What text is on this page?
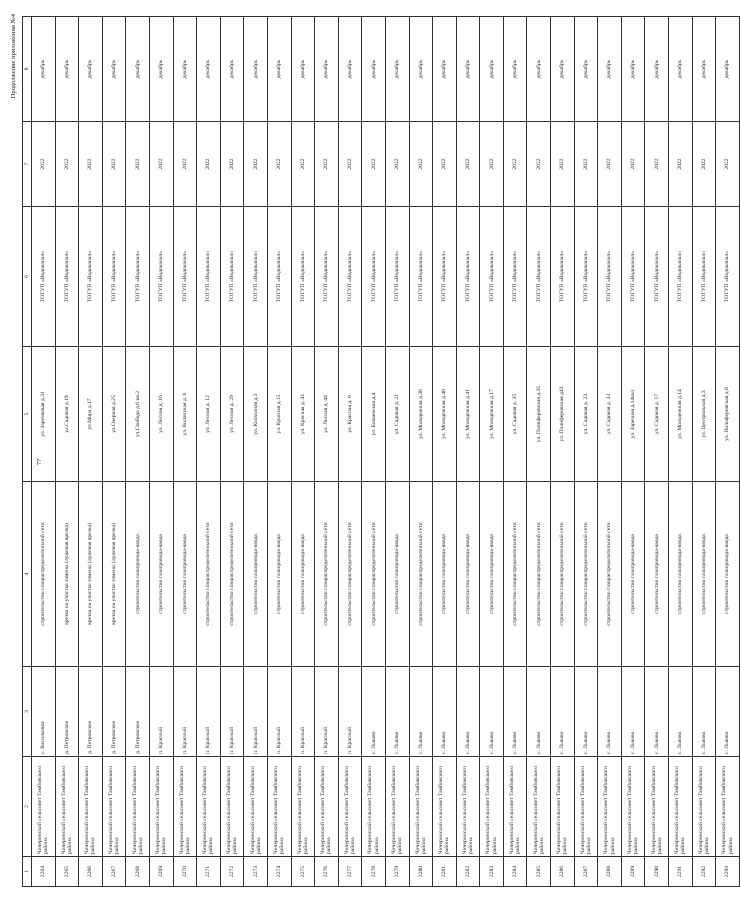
Продолжение приложения №4
77
1	2	3	4	5	6	7	8
2264	Чичеринский сельсовет Тамбовского района	с. Васильевка	строительство газораспределительной сети	ул. Заречковая д.31	ТОГУП «Водоканал»	2022	декабрь
2265	Чичеринский сельсовет Тамбовского района	д. Петровское	врезка на участке замены (лужевая врезка)	ул.Садовая д.19	ТОГУП «Водоканал»	2022	декабрь
2266	Чичеринский сельсовет Тамбовского района	д. Петровское	врезка на участке замены (лужевая врезка)	ул.Мира д.17	ТОГУП «Водоканал»	2022	декабрь
2267	Чичеринский сельсовет Тамбовского района	д. Петровское	врезка на участке замены (лужевая врезка)	ул.Озерная д.25	ТОГУП «Водоканал»	2022	декабрь
2268	Чичеринский сельсовет Тамбовского района	д. Петровское	строительство газопровода-ввода	ул.Свобода д.6 кв.2	ТОГУП «Водоканал»	2022	декабрь
2269	Чичеринский сельсовет Тамбовского района	п. Красный	строительство газопровода-ввода	ул. Лесная д. 16	ТОГУП «Водоканал»	2022	декабрь
2270	Чичеринский сельсовет Тамбовского района	п. Красный	строительство газопровода-ввода	ул. Колхозная д. 6	ТОГУП «Водоканал»	2022	декабрь
2271	Чичеринский сельсовет Тамбовского района	п. Красный	строительство газораспределительной сети	ул. Лесная д. 12	ТОГУП «Водоканал»	2022	декабрь
2272	Чичеринский сельсовет Тамбовского района	п. Красный	строительство газораспределительной сети	ул. Лесная д. 29	ТОГУП «Водоканал»	2022	декабрь
2273	Чичеринский сельсовет Тамбовского района	п. Красный	строительство газопровода-ввода	ул. Колхозная д.3	ТОГУП «Водоканал»	2022	декабрь
2274	Чичеринский сельсовет Тамбовского района	п. Красный	строительство газопровода-ввода	ул. Красная д.15	ТОГУП «Водоканал»	2022	декабрь
2275	Чичеринский сельсовет Тамбовского района	п. Красный	строительство газопровода-ввода	ул. Красная д. 41	ТОГУП «Водоканал»	2022	декабрь
2276	Чичеринский сельсовет Тамбовского района	п. Красный	строительство газораспределительной сети	ул. Лесная д. 44	ТОГУП «Водоканал»	2022	декабрь
2277	Чичеринский сельсовет Тамбовского района	п. Красный	строительство газораспределительной сети	ул. Красная д. 6	ТОГУП «Водоканал»	2022	декабрь
2278	Чичеринский сельсовет Тамбовского района	с. Львово	строительство газораспределительной сети	ул. Бочаевская д.4	ТОГУП «Водоканал»	2022	декабрь
2279	Чичеринский сельсовет Тамбовского района	с. Львово	строительство газопровода-ввода	ул. Садовая д. 21	ТОГУП «Водоканал»	2022	декабрь
2280	Чичеринский сельсовет Тамбовского района	с. Львово	строительство газораспределительной сети	ул. Молодежная д.36	ТОГУП «Водоканал»	2022	декабрь
2281	Чичеринский сельсовет Тамбовского района	с. Львово	строительство газопровода-ввода	ул. Молодежная д.40	ТОГУП «Водоканал»	2022	декабрь
2282	Чичеринский сельсовет Тамбовского района	с. Львово	строительство газопровода-ввода	ул. Молодежная д.41	ТОГУП «Водоканал»	2022	декабрь
2283	Чичеринский сельсовет Тамбовского района	с. Львово	строительство газопровода-ввода	ул. Молодежная д.17	ТОГУП «Водоканал»	2022	декабрь
2284	Чичеринский сельсовет Тамбовского района	с. Львово	строительство газораспределительной сети	ул. Садовая д. 35	ТОГУП «Водоканал»	2022	декабрь
2285	Чичеринский сельсовет Тамбовского района	с. Львово	строительство газораспределительной сети	ул. Полиферовская д.35	ТОГУП «Водоканал»	2022	декабрь
2286	Чичеринский сельсовет Тамбовского района	с. Львово	строительство газораспределительной сети	ул. Полиферовская д43	ТОГУП «Водоканал»	2022	декабрь
2287	Чичеринский сельсовет Тамбовского района	с. Львово	строительство газораспределительной сети	ул. Садовая д. 23	ТОГУП «Водоканал»	2022	декабрь
2288	Чичеринский сельсовет Тамбовского района	с. Львово	строительство газораспределительной сети	ул. Садовая д. 33	ТОГУП «Водоканал»	2022	декабрь
2289	Чичеринский сельсовет Тамбовского района	с. Львово	строительство газопровода-ввода	ул. Заречная д.14кв1	ТОГУП «Водоканал»	2022	декабрь
2290	Чичеринский сельсовет Тамбовского района	с. Львово	строительство газопровода-ввода	ул. Садовая д. 17	ТОГУП «Водоканал»	2022	декабрь
2291	Чичеринский сельсовет Тамбовского района	с. Львово	строительство газопровода-ввода	ул. Молодежная д.14	ТОГУП «Водоканал»	2022	декабрь
2292	Чичеринский сельсовет Тамбовского района	с. Львово	строительство газопровода-ввода	ул. Центральная д.3	ТОГУП «Водоканал»	2022	декабрь
2293	Чичеринский сельсовет Тамбовского района	с. Львово	строительство газопровода-ввода	ул. Полиферовская д.8	ТОГУП «Водоканал»	2022	декабрь
